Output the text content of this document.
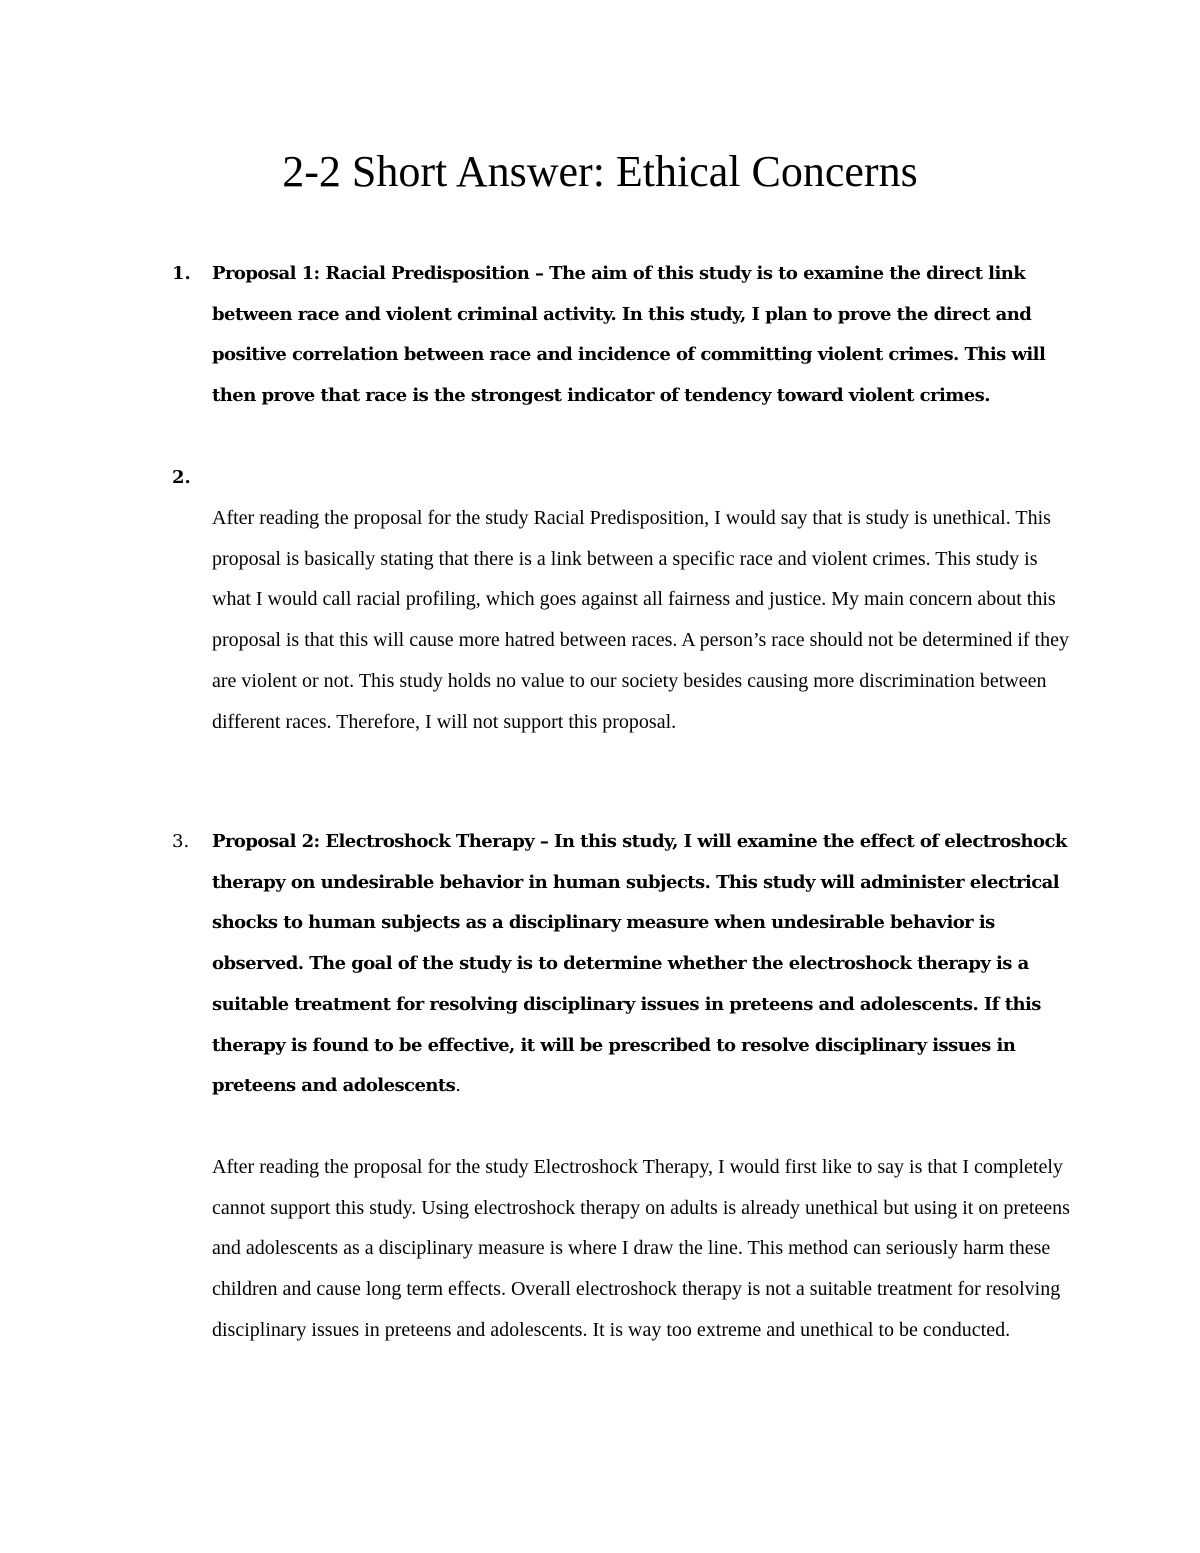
2-2 Short Answer: Ethical Concerns
1. Proposal 1: Racial Predisposition – The aim of this study is to examine the direct link between race and violent criminal activity. In this study, I plan to prove the direct and positive correlation between race and incidence of committing violent crimes. This will then prove that race is the strongest indicator of tendency toward violent crimes.

2.

After reading the proposal for the study Racial Predisposition, I would say that is study is unethical. This proposal is basically stating that there is a link between a specific race and violent crimes. This study is what I would call racial profiling, which goes against all fairness and justice. My main concern about this proposal is that this will cause more hatred between races. A person’s race should not be determined if they are violent or not. This study holds no value to our society besides causing more discrimination between different races. Therefore, I will not support this proposal.

3. Proposal 2: Electroshock Therapy – In this study, I will examine the effect of electroshock therapy on undesirable behavior in human subjects. This study will administer electrical shocks to human subjects as a disciplinary measure when undesirable behavior is observed. The goal of the study is to determine whether the electroshock therapy is a suitable treatment for resolving disciplinary issues in preteens and adolescents. If this therapy is found to be effective, it will be prescribed to resolve disciplinary issues in preteens and adolescents.

After reading the proposal for the study Electroshock Therapy, I would first like to say is that I completely cannot support this study. Using electroshock therapy on adults is already unethical but using it on preteens and adolescents as a disciplinary measure is where I draw the line. This method can seriously harm these children and cause long term effects. Overall electroshock therapy is not a suitable treatment for resolving disciplinary issues in preteens and adolescents. It is way too extreme and unethical to be conducted.
